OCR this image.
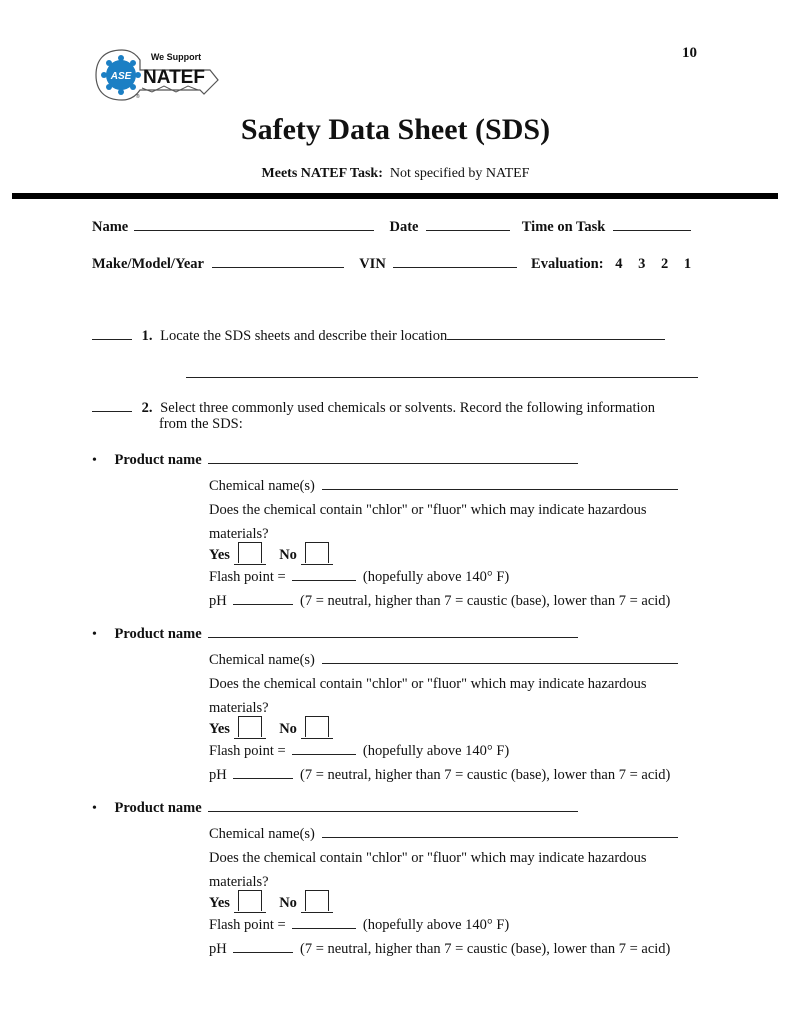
ASE
We Support
NATEF
®
10
Safety Data Sheet (SDS)
Meets NATEF Task: Not specified by NATEF
Name	Date	Time on Task
Make/Model/Year	VIN	Evaluation: 4 3 2 1
1. Locate the SDS sheets and describe their location
2. Select three commonly used chemicals or solvents. Record the following information
from the SDS:
• Product name
Chemical name(s)
Does the chemical contain "chlor" or "fluor" which may indicate hazardous
materials?
Yes	No
Flash point =	(hopefully above 140° F)
pH	(7 = neutral, higher than 7 = caustic (base), lower than 7 = acid)
• Product name
Chemical name(s)
Does the chemical contain "chlor" or "fluor" which may indicate hazardous
materials?
Yes	No
Flash point =	(hopefully above 140° F)
pH	(7 = neutral, higher than 7 = caustic (base), lower than 7 = acid)
• Product name
Chemical name(s)
Does the chemical contain "chlor" or "fluor" which may indicate hazardous
materials?
Yes	No
Flash point =	(hopefully above 140° F)
pH	(7 = neutral, higher than 7 = caustic (base), lower than 7 = acid)
